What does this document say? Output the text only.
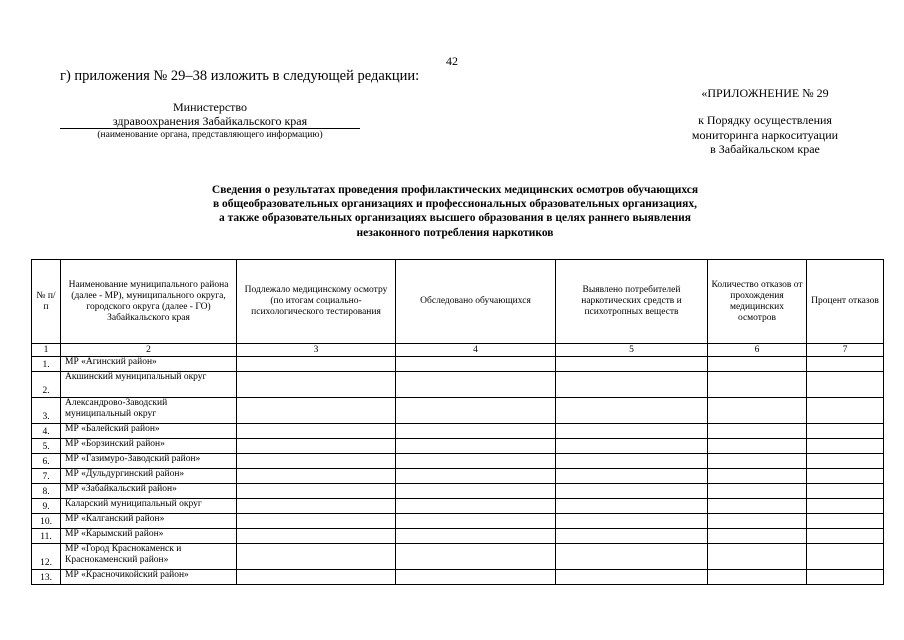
42
г) приложения № 29–38 изложить в следующей редакции:
Министерство
здравоохранения Забайкальского края
(наименование органа, представляющего информацию)
«ПРИЛОЖНЕНИЕ № 29
к Порядку осуществления
мониторинга наркоситуации
в Забайкальском крае
Сведения о результатах проведения профилактических медицинских осмотров обучающихся
в общеобразовательных организациях и профессиональных образовательных организациях,
а также образовательных организациях высшего образования в целях раннего выявления
незаконного потребления наркотиков
№ п/п	Наименование муниципального района (далее - МР), муниципального округа, городского округа (далее - ГО) Забайкальского края	Подлежало медицинскому осмотру (по итогам социально-психологического тестирования	Обследовано обучающихся	Выявлено потребителей наркотических средств и психотропных веществ	Количество отказов от прохождения медицинских осмотров	Процент отказов
1	2	3	4	5	6	7
1.	МР «Агинский район»					
2.	Акшинский муниципальный округ					
3.	Александрово-Заводский муниципальный округ					
4.	МР «Балейский район»					
5.	МР «Борзинский район»					
6.	МР «Газимуро-Заводский район»					
7.	МР «Дульдургинский район»					
8.	МР «Забайкальский район»					
9.	Каларский муниципальный округ					
10.	МР «Калганский район»					
11.	МР «Карымский район»					
12.	МР «Город Краснокаменск и Краснокаменский район»					
13.	МР «Красночикойский район»					
